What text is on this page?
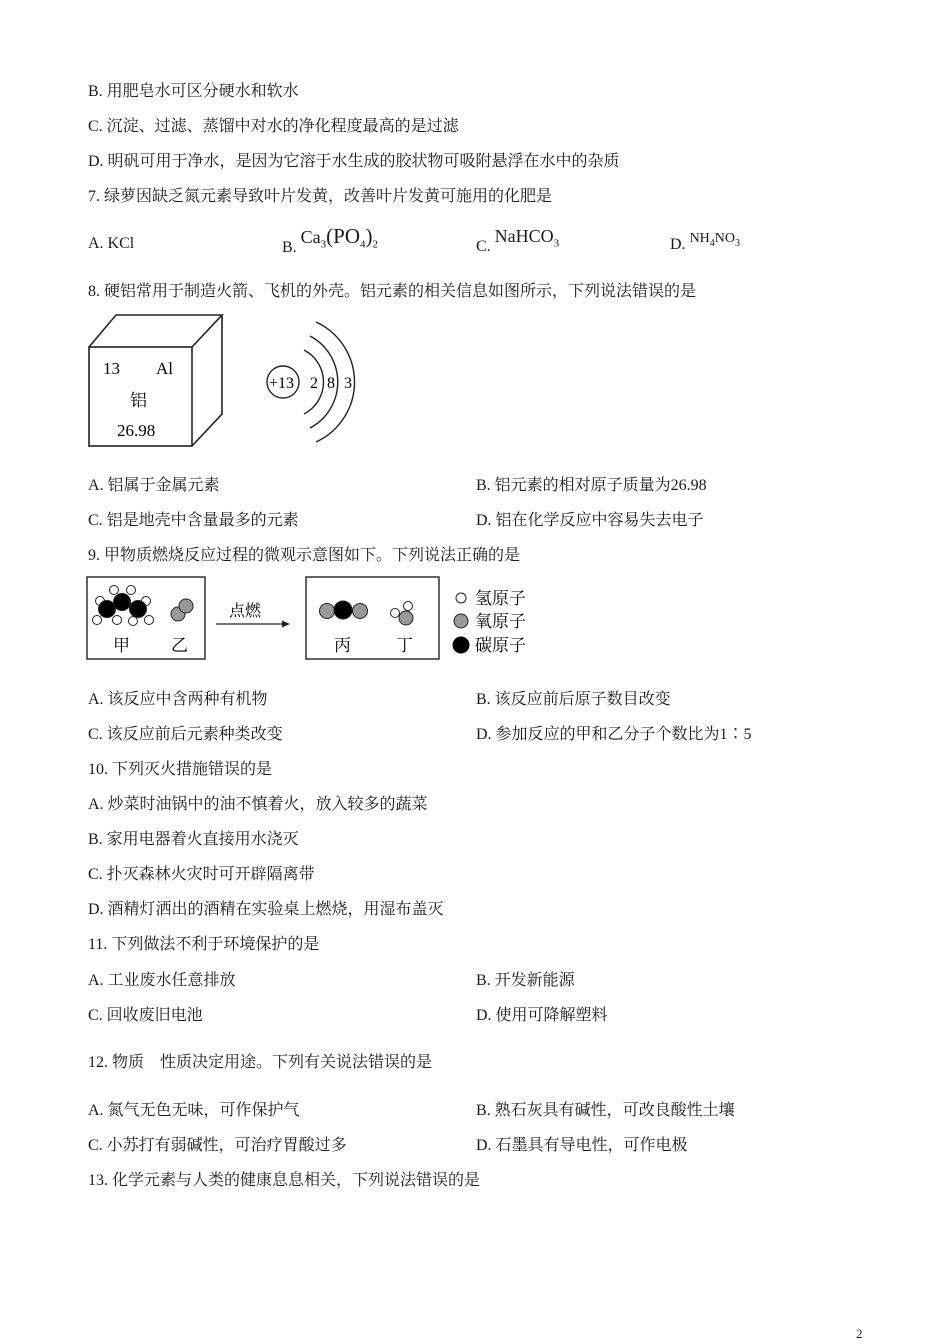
B. 用肥皂水可区分硬水和软水
C. 沉淀、过滤、蒸馏中对水的净化程度最高的是过滤
D. 明矾可用于净水，是因为它溶于水生成的胶状物可吸附悬浮在水中的杂质
7. 绿萝因缺乏氮元素导致叶片发黄，改善叶片发黄可施用的化肥是
A. KCl	B. $Ca_3(PO_4)_2$	C. NaHCO$_3$	D. $NH_4NO_3$
8. 硬铝常用于制造火箭、飞机的外壳。铝元素的相关信息如图所示，下列说法错误的是
13 Al
铝
26.98
+13 2 8 3
A. 铝属于金属元素	B. 铝元素的相对原子质量为26.98
C. 铝是地壳中含量最多的元素	D. 铝在化学反应中容易失去电子
9. 甲物质燃烧反应过程的微观示意图如下。下列说法正确的是
甲 乙
点燃
丙	丁
氢原子
氧原子
碳原子
A. 该反应中含两种有机物	B. 该反应前后原子数目改变
C. 该反应前后元素种类改变	D. 参加反应的甲和乙分子个数比为1∶5
10. 下列灭火措施错误的是
A. 炒菜时油锅中的油不慎着火，放入较多的蔬菜
B. 家用电器着火直接用水浇灭
C. 扑灭森林火灾时可开辟隔离带
D. 酒精灯洒出的酒精在实验桌上燃烧，用湿布盖灭
11. 下列做法不利于环境保护的是
A. 工业废水任意排放	B. 开发新能源
C. 回收废旧电池	D. 使用可降解塑料
12. 物质　性质决定用途。下列有关说法错误的是
A. 氮气无色无味，可作保护气	B. 熟石灰具有碱性，可改良酸性土壤
C. 小苏打有弱碱性，可治疗胃酸过多	D. 石墨具有导电性，可作电极
13. 化学元素与人类的健康息息相关，下列说法错误的是
2
